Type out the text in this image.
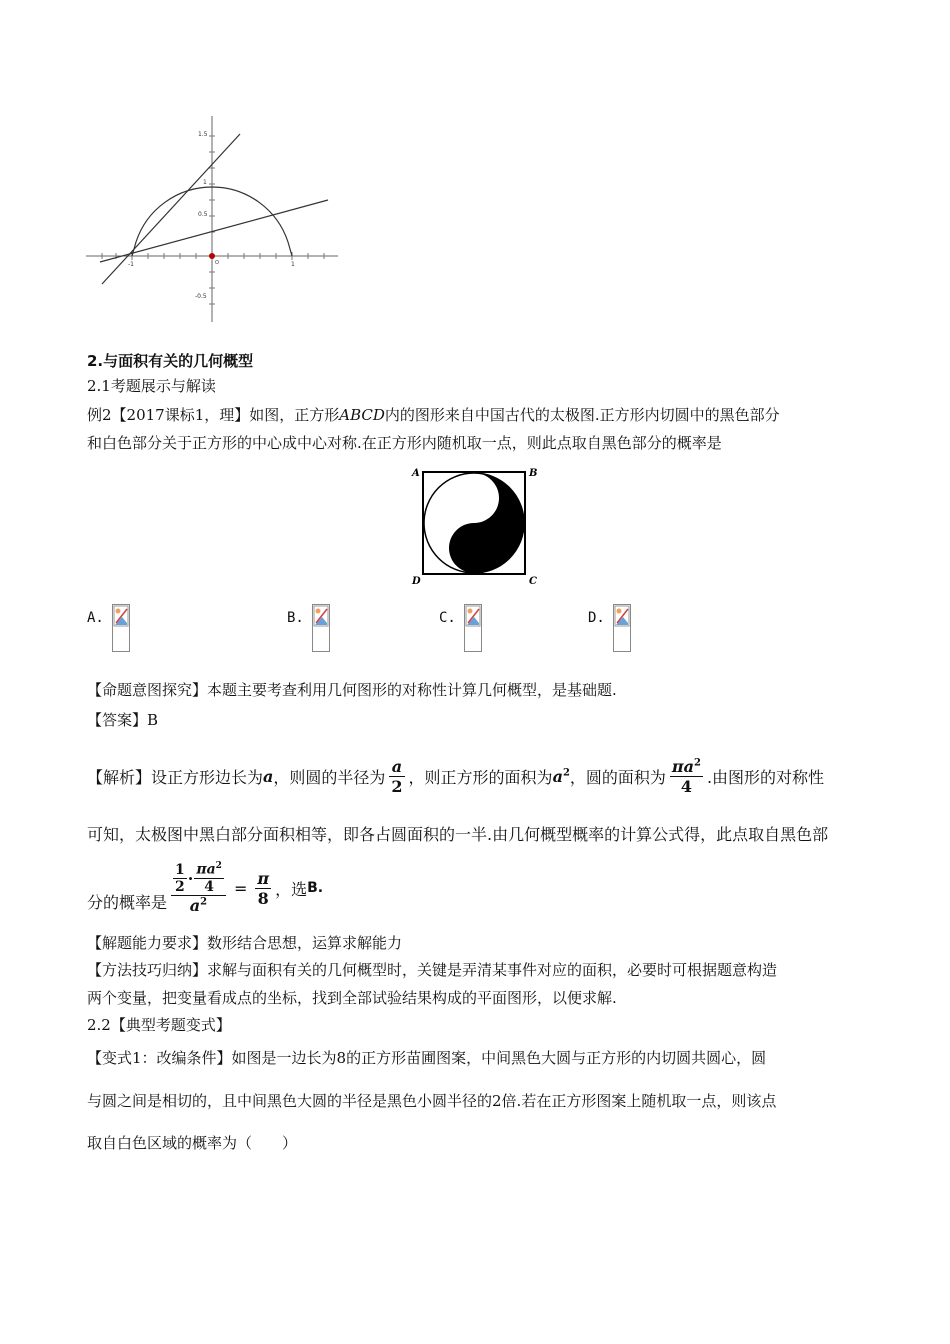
1.5
1
0.5
-1	1
-0.5
O
2.与面积有关的几何概型
2.1考题展示与解读
例2【2017课标1，理】如图，正方形ABCD内的图形来自中国古代的太极图.正方形内切圆中的黑色部分
和白色部分关于正方形的中心成中心对称.在正方形内随机取一点，则此点取自黑色部分的概率是
A	B
D	C
A.	B.	C.	D.
【命题意图探究】本题主要考查利用几何图形的对称性计算几何概型，是基础题.
【答案】B
【解析】设正方形边长为 a ，则圆的半径为 $\frac{a}{2}$ ，则正方形的面积为 $a^2$ ，圆的面积为 $\frac{\pi a^2}{4}$ .由图形的对称性
可知，太极图中黑白部分面积相等，即各占圆面积的一半.由几何概型概率的计算公式得，此点取自黑色部
分的概率是 $\frac{\frac{1}{2} \cdot \frac{\pi a^2}{4}}{a^2} = \frac{\pi}{8}$ ，选 B.
【解题能力要求】数形结合思想，运算求解能力
【方法技巧归纳】求解与面积有关的几何概型时，关键是弄清某事件对应的面积，必要时可根据题意构造
两个变量，把变量看成点的坐标，找到全部试验结果构成的平面图形，以便求解.
2.2【典型考题变式】
【变式1：改编条件】如图是一边长为8的正方形苗圃图案，中间黑色大圆与正方形的内切圆共圆心，圆
与圆之间是相切的，且中间黑色大圆的半径是黑色小圆半径的2倍.若在正方形图案上随机取一点，则该点
取自白色区域的概率为（　　）
